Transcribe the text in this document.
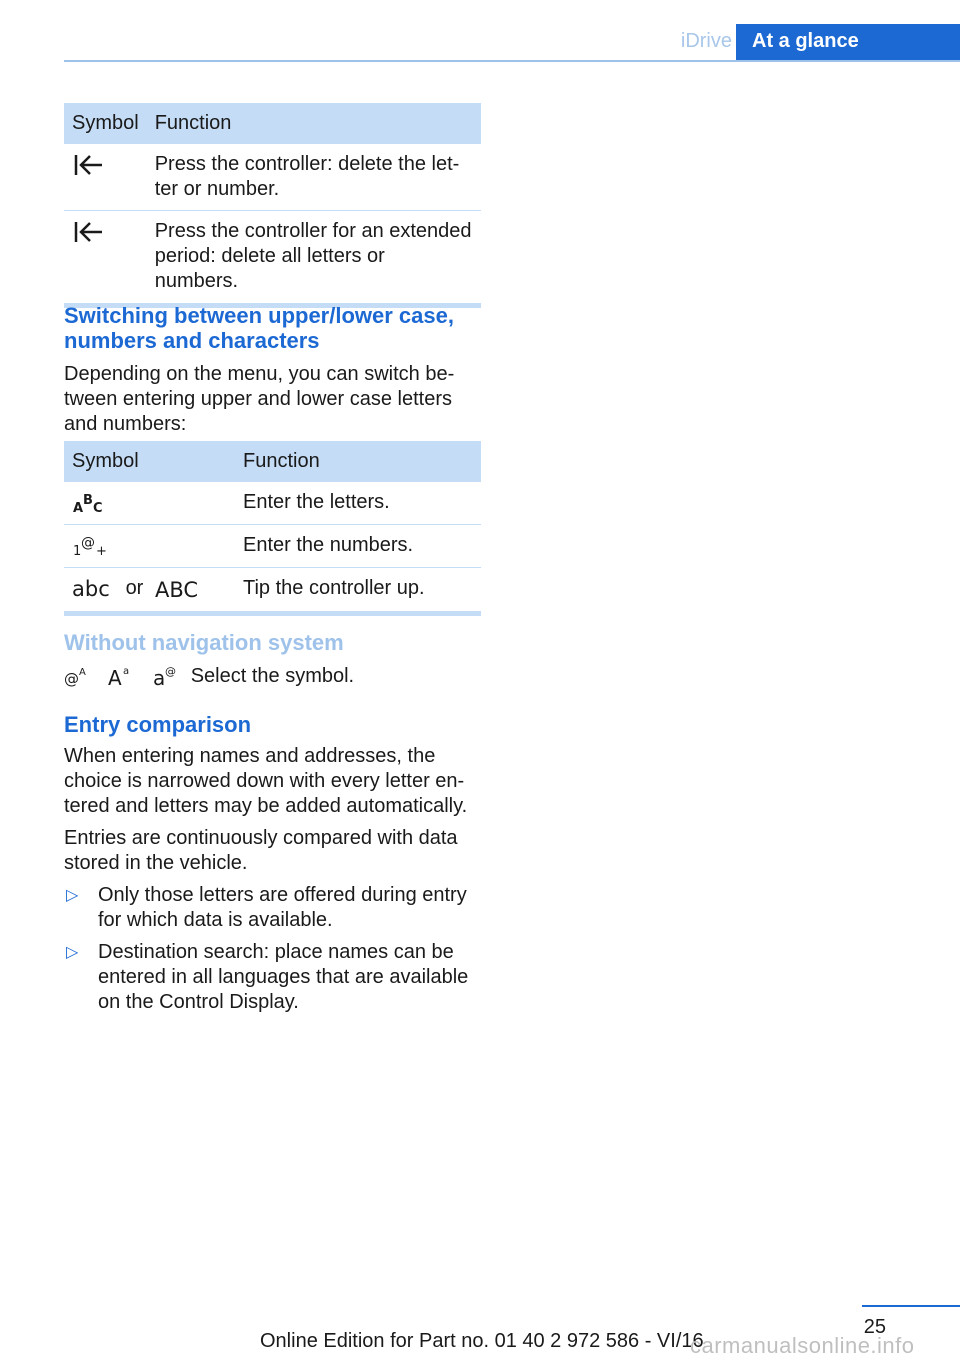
iDrive	At a glance
Symbol	Function
	Press the controller: delete the let-ter or number.
	Press the controller for an extended period: delete all letters or numbers.
Switching between upper/lower case, numbers and characters

Depending on the menu, you can switch be-tween entering upper and lower case letters and numbers:

Symbol	Function

A
B
C	Enter the letters.

1
@
+	Enter the numbers.

abc or ABC	Tip the controller up.
Without navigation system
@ A
A a
a @ Select the symbol.
Entry comparison

When entering names and addresses, the choice is narrowed down with every letter en-tered and letters may be added automatically.

Entries are continuously compared with data stored in the vehicle.

▷ Only those letters are offered during entry for which data is available.
▷ Destination search: place names can be entered in all languages that are available on the Control Display.
25
Online Edition for Part no. 01 40 2 972 586 - VI/16
carmanualsonline.info
